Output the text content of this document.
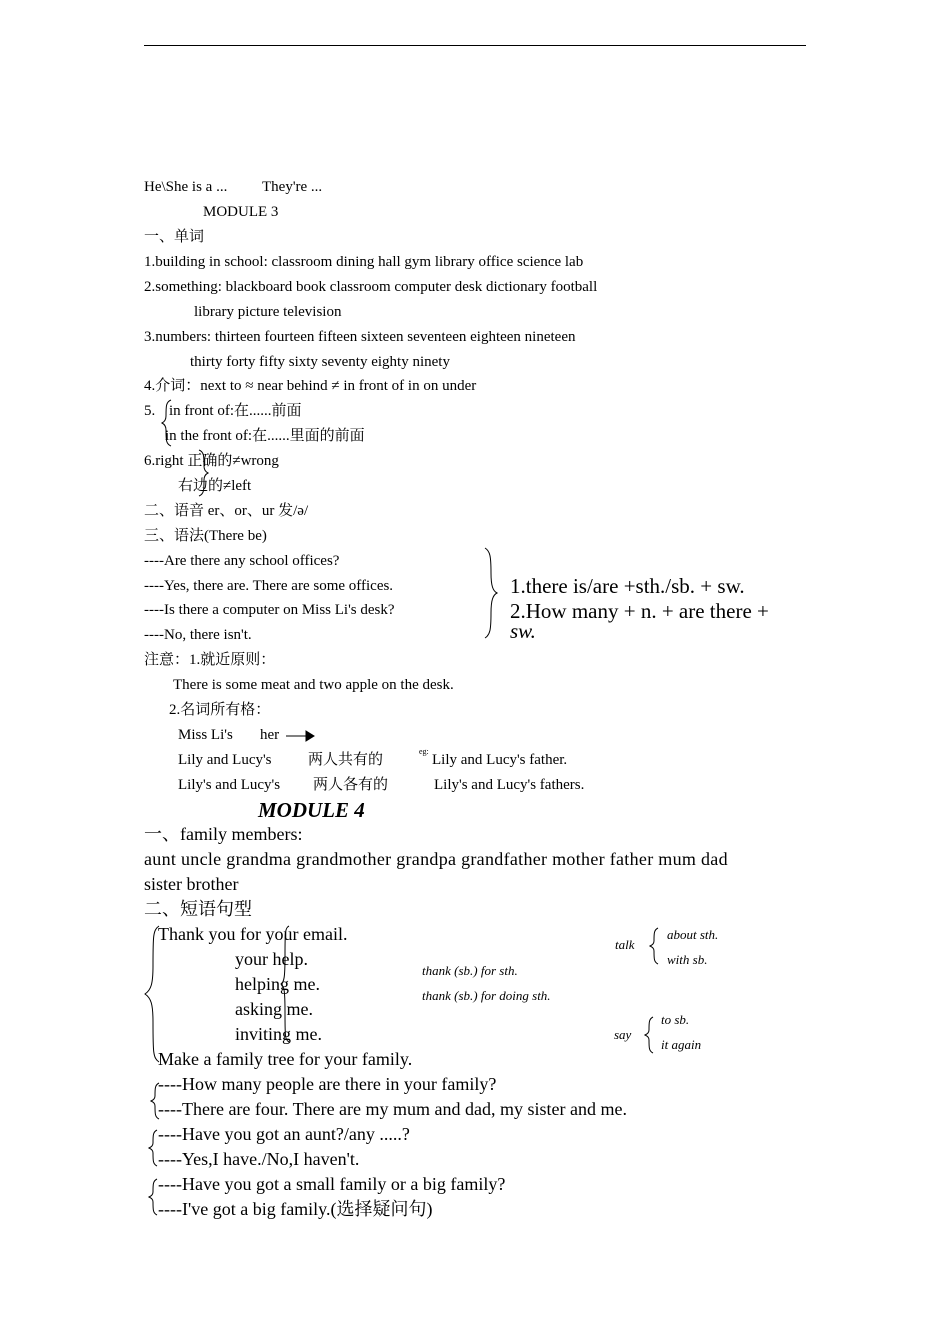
He\She is a ... They're ...
MODULE 3
一、单词
1.building in school: classroom dining hall gym library office science lab
2.something: blackboard book classroom computer desk dictionary football
library picture television
3.numbers: thirteen fourteen fifteen sixteen seventeen eighteen nineteen
thirty forty fifty sixty seventy eighty ninety
4.介词：next to ≈ near behind ≠ in front of in on under
5. in front of:在......前面
in the front of:在......里面的前面
6.right 正确的≠wrong
右边的≠left
二、语音 er、or、ur 发/ə/
三、语法(There be)
----Are there any school offices?
----Yes, there are. There are some offices.
----Is there a computer on Miss Li's desk?
----No, there isn't.
1.there is/are +sth./sb. + sw.
2.How many + n. + are there +
sw.
注意：1.就近原则：
There is some meat and two apple on the desk.
2.名词所有格：
Miss Li's her
Lily and Lucy's 两人共有的
eg:
Lily and Lucy's father.
Lily's and Lucy's 两人各有的	Lily's and Lucy's fathers.
MODULE 4
一、family members:
aunt uncle grandma grandmother grandpa grandfather mother father mum dad
sister brother
二、短语句型
Thank you for your email.
your help.
helping me.
asking me.
inviting me.
Make a family tree for your family.
thank (sb.) for sth.
thank (sb.) for doing sth.
talk
about sth.
with sb.
say
to sb.
it again
----How many people are there in your family?
----There are four. There are my mum and dad, my sister and me.
----Have you got an aunt?/any .....?
----Yes,I have./No,I haven't.
----Have you got a small family or a big family?
----I've got a big family.(选择疑问句)
